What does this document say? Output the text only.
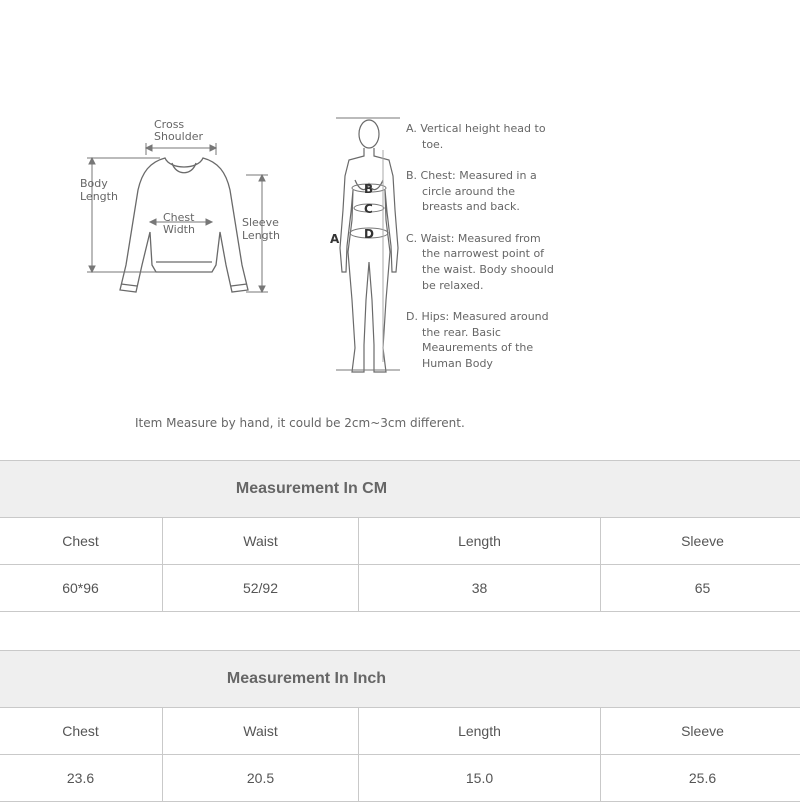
Cross
Shoulder
Body
Length
Chest
Width
Sleeve
Length	A
B
C
D
A. Vertical height head to toe.
B. Chest: Measured in a circle around the breasts and back.
C. Waist: Measured from the narrowest point of the waist. Body shoould be relaxed.
D. Hips: Measured around the rear. Basic Meaurements of the Human Body
Item Measure by hand, it could be 2cm~3cm different.
Measurement In CM			
Chest	Waist	Length	Sleeve
60*96	52/92	38	65
Measurement In Inch			
Chest	Waist	Length	Sleeve
23.6	20.5	15.0	25.6
